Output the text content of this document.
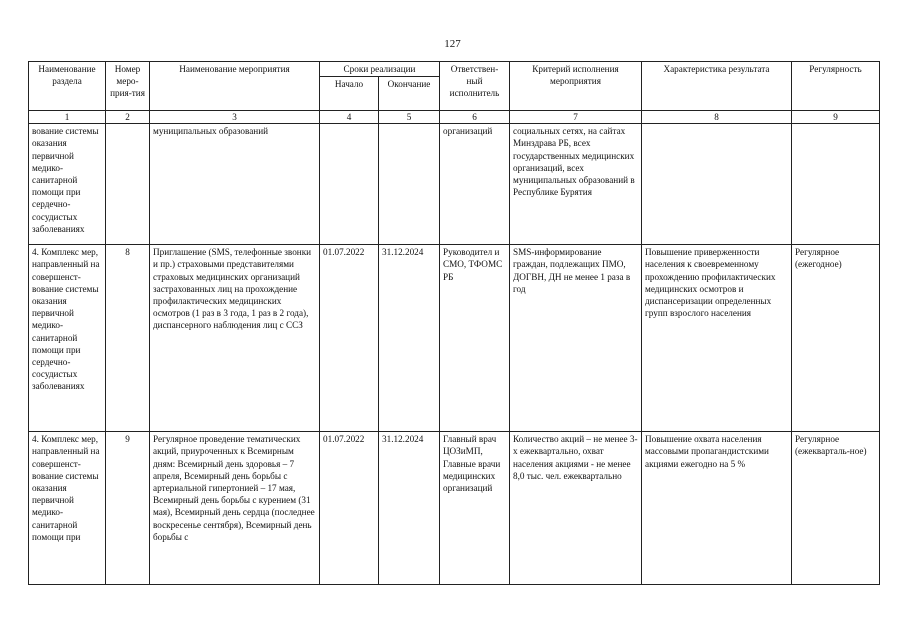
127
Наименование раздела	Номер меро-прия-тия	Наименование мероприятия	Сроки реализации		Ответствен-ный исполнитель	Критерий исполнения мероприятия	Характеристика результата	Регулярность
			Начало	Окончание				
1	2	3	4	5	6	7	8	9
вование системы оказания первичной медико-санитарной помощи при сердечно-сосудистых заболеваниях		муниципальных образований			организаций	социальных сетях, на сайтах Минздрава РБ, всех государственных медицинских организаций, всех муниципальных образований в Республике Бурятия		
4. Комплекс мер, направленный на совершенст-вование системы оказания первичной медико-санитарной помощи при сердечно-сосудистых заболеваниях	8	Приглашение (SMS, телефонные звонки и пр.) страховыми представителями страховых медицинских организаций застрахованных лиц на прохождение профилактических медицинских осмотров (1 раз в 3 года, 1 раз в 2 года), диспансерного наблюдения лиц с ССЗ	01.07.2022	31.12.2024	Руководител и СМО, ТФОМС РБ	SMS-информирование граждан, подлежащих ПМО, ДОГВН, ДН не менее 1 раза в год	Повышение приверженности населения к своевременному прохождению профилактических медицинских осмотров и диспансеризации определенных групп взрослого населения	Регулярное (ежегодное)
4. Комплекс мер, направленный на совершенст-вование системы оказания первичной медико-санитарной помощи при	9	Регулярное проведение тематических акций, приуроченных к Всемирным дням: Всемирный день здоровья – 7 апреля, Всемирный день борьбы с артериальной гипертонией – 17 мая, Всемирный день борьбы с курением (31 мая), Всемирный день сердца (последнее воскресенье сентября), Всемирный день борьбы с	01.07.2022	31.12.2024	Главный врач ЦОЗиМП, Главные врачи медицинских организаций	Количество акций – не менее 3-х ежеквартально, охват населения акциями - не менее 8,0 тыс. чел. ежеквартально	Повышение охвата населения массовыми пропагандистскими акциями ежегодно на 5 %	Регулярное (ежекварталь-ное)
